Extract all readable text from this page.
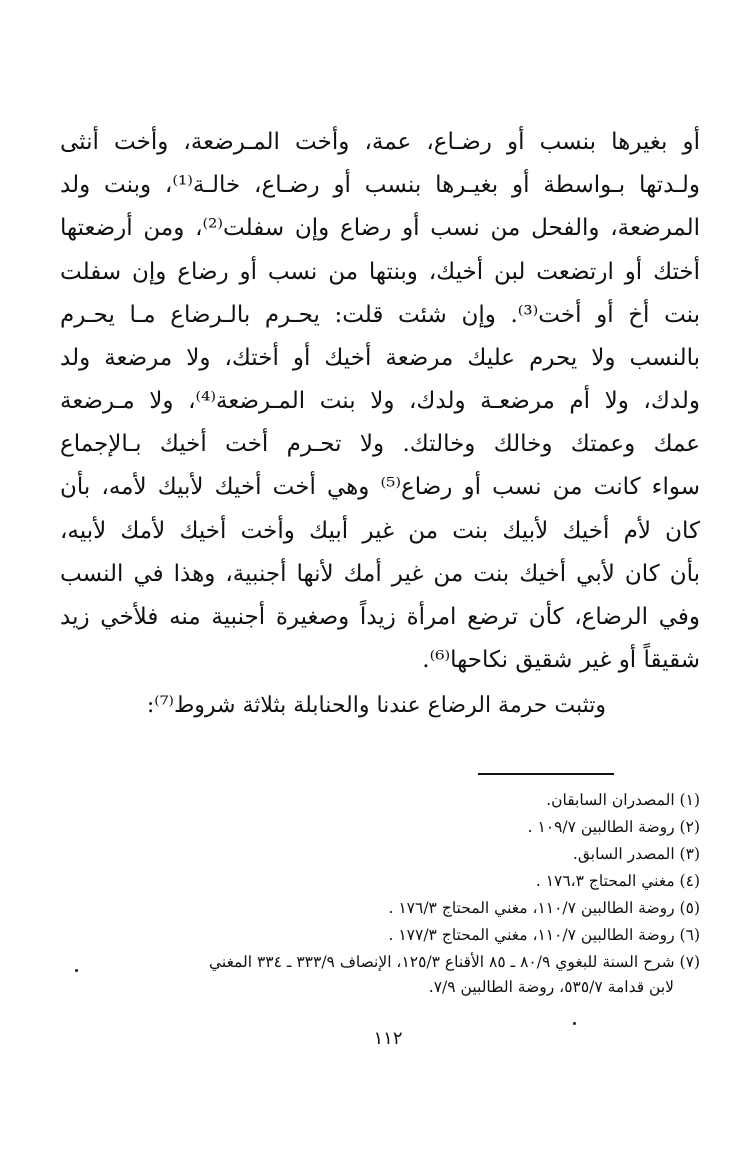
أو بغيرها بنسب أو رضـاع، عمة، وأخت المـرضعة، وأخت أنثى
ولـدتها بـواسطة أو بغيـرها بنسب أو رضـاع، خالـة⁽¹⁾، وبنت ولد
المرضعة، والفحل من نسب أو رضاع وإن سفلت⁽²⁾، ومن أرضعتها
أختك أو ارتضعت لبن أخيك، وبنتها من نسب أو رضاع وإن سفلت
بنت أخ أو أخت⁽³⁾. وإن شئت قلت: يحـرم بالـرضاع مـا يحـرم
بالنسب ولا يحرم عليك مرضعة أخيك أو أختك، ولا مرضعة ولد
ولدك، ولا أم مرضعـة ولدك، ولا بنت المـرضعة⁽⁴⁾، ولا مـرضعة
عمك وعمتك وخالك وخالتك. ولا تحـرم أخت أخيك بـالإجماع
سواء كانت من نسب أو رضاع⁽⁵⁾ وهي أخت أخيك لأبيك لأمه، بأن
كان لأم أخيك لأبيك بنت من غير أبيك وأخت أخيك لأمك لأبيه،
بأن كان لأبي أخيك بنت من غير أمك لأنها أجنبية، وهذا في النسب
وفي الرضاع، كأن ترضع امرأة زيداً وصغيرة أجنبية منه فلأخي زيد
شقيقاً أو غير شقيق نكاحها⁽⁶⁾.
وتثبت حرمة الرضاع عندنا والحنابلة بثلاثة شروط⁽⁷⁾:
(١) المصدران السابقان.
(٢) روضة الطالبين ١٠٩/٧ .
(٣) المصدر السابق.
(٤) مغني المحتاج ١٧٦،٣ .
(٥) روضة الطالبين ١١٠/٧، مغني المحتاج ١٧٦/٣ .
(٦) روضة الطالبين ١١٠/٧، مغني المحتاج ١٧٧/٣ .
(٧) شرح السنة للبغوي ٨٠/٩ ـ ٨٥ الأقناع ١٢٥/٣، الإنصاف ٣٣٣/٩ ـ ٣٣٤ المغني
لابن قدامة ٥٣٥/٧، روضة الطالبين ٧/٩.
١١٢
